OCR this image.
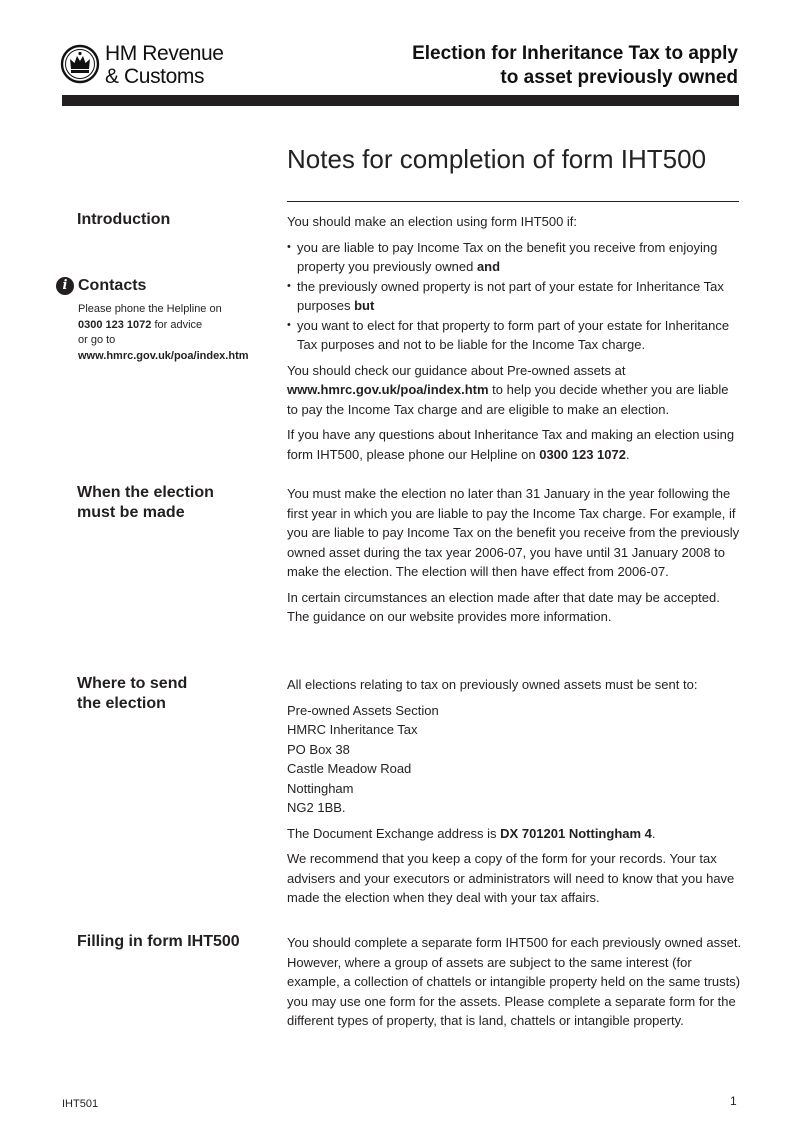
HM Revenue
& Customs
Election for Inheritance Tax to apply
to asset previously owned
Notes for completion of form IHT500
Introduction	You should make an election using form IHT500 if:

• you are liable to pay Income Tax on the benefit you receive from enjoying property you previously owned and
• the previously owned property is not part of your estate for Inheritance Tax purposes but
• you want to elect for that property to form part of your estate for Inheritance Tax purposes and not to be liable for the Income Tax charge.

You should check our guidance about Pre-owned assets at www.hmrc.gov.uk/poa/index.htm to help you decide whether you are liable to pay the Income Tax charge and are eligible to make an election.

If you have any questions about Inheritance Tax and making an election using form IHT500, please phone our Helpline on 0300 123 1072.

i Contacts
Please phone the Helpline on
0300 123 1072 for advice
or go to
www.hmrc.gov.uk/poa/index.htm
When the election
must be made

You must make the election no later than 31 January in the year following the first year in which you are liable to pay the Income Tax charge. For example, if you are liable to pay Income Tax on the benefit you receive from the previously owned asset during the tax year 2006-07, you have until 31 January 2008 to make the election. The election will then have effect from 2006-07.

In certain circumstances an election made after that date may be accepted. The guidance on our website provides more information.

Where to send
the election

All elections relating to tax on previously owned assets must be sent to:

Pre-owned Assets Section
HMRC Inheritance Tax
PO Box 38
Castle Meadow Road
Nottingham
NG2 1BB.

The Document Exchange address is DX 701201 Nottingham 4.

We recommend that you keep a copy of the form for your records. Your tax advisers and your executors or administrators will need to know that you have made the election when they deal with your tax affairs.

Filling in form IHT500	You should complete a separate form IHT500 for each previously owned asset. However, where a group of assets are subject to the same interest (for example, a collection of chattels or intangible property held on the same trusts) you may use one form for the assets. Please complete a separate form for the different types of property, that is land, chattels or intangible property.

IHT501	1
